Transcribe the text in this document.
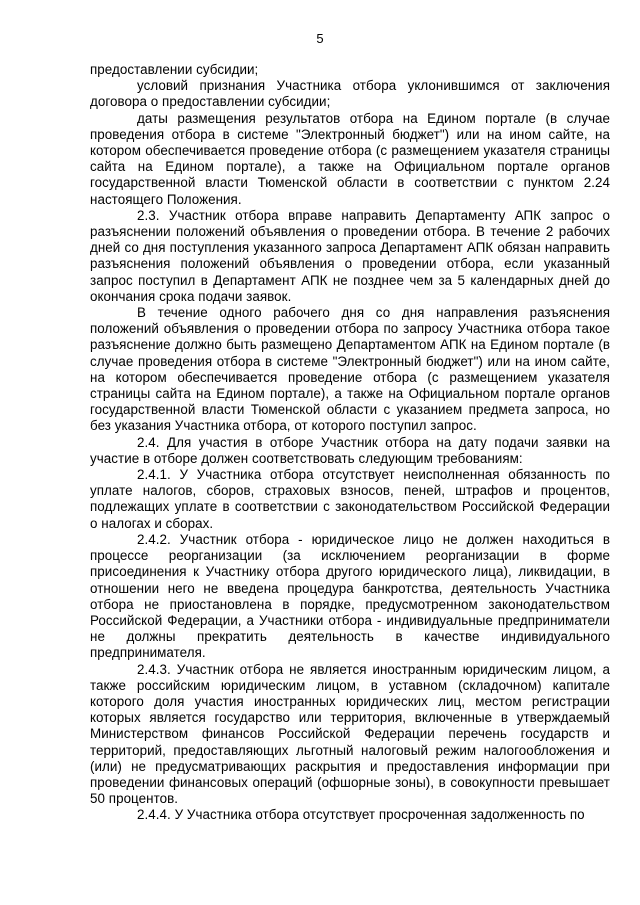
5

предоставлении субсидии;

условий признания Участника отбора уклонившимся от заключения договора о предоставлении субсидии;

даты размещения результатов отбора на Едином портале (в случае проведения отбора в системе "Электронный бюджет") или на ином сайте, на котором обеспечивается проведение отбора (с размещением указателя страницы сайта на Едином портале), а также на Официальном портале органов государственной власти Тюменской области в соответствии с пунктом 2.24 настоящего Положения.

2.3. Участник отбора вправе направить Департаменту АПК запрос о разъяснении положений объявления о проведении отбора. В течение 2 рабочих дней со дня поступления указанного запроса Департамент АПК обязан направить разъяснения положений объявления о проведении отбора, если указанный запрос поступил в Департамент АПК не позднее чем за 5 календарных дней до окончания срока подачи заявок.

В течение одного рабочего дня со дня направления разъяснения положений объявления о проведении отбора по запросу Участника отбора такое разъяснение должно быть размещено Департаментом АПК на Едином портале (в случае проведения отбора в системе "Электронный бюджет") или на ином сайте, на котором обеспечивается проведение отбора (с размещением указателя страницы сайта на Едином портале), а также на Официальном портале органов государственной власти Тюменской области с указанием предмета запроса, но без указания Участника отбора, от которого поступил запрос.

2.4. Для участия в отборе Участник отбора на дату подачи заявки на участие в отборе должен соответствовать следующим требованиям:

2.4.1. У Участника отбора отсутствует неисполненная обязанность по уплате налогов, сборов, страховых взносов, пеней, штрафов и процентов, подлежащих уплате в соответствии с законодательством Российской Федерации о налогах и сборах.

2.4.2. Участник отбора - юридическое лицо не должен находиться в процессе реорганизации (за исключением реорганизации в форме присоединения к Участнику отбора другого юридического лица), ликвидации, в отношении него не введена процедура банкротства, деятельность Участника отбора не приостановлена в порядке, предусмотренном законодательством Российской Федерации, а Участники отбора - индивидуальные предприниматели не должны прекратить деятельность в качестве индивидуального предпринимателя.

2.4.3. Участник отбора не является иностранным юридическим лицом, а также российским юридическим лицом, в уставном (складочном) капитале которого доля участия иностранных юридических лиц, местом регистрации которых является государство или территория, включенные в утверждаемый Министерством финансов Российской Федерации перечень государств и территорий, предоставляющих льготный налоговый режим налогообложения и (или) не предусматривающих раскрытия и предоставления информации при проведении финансовых операций (офшорные зоны), в совокупности превышает 50 процентов.

2.4.4. У Участника отбора отсутствует просроченная задолженность по
